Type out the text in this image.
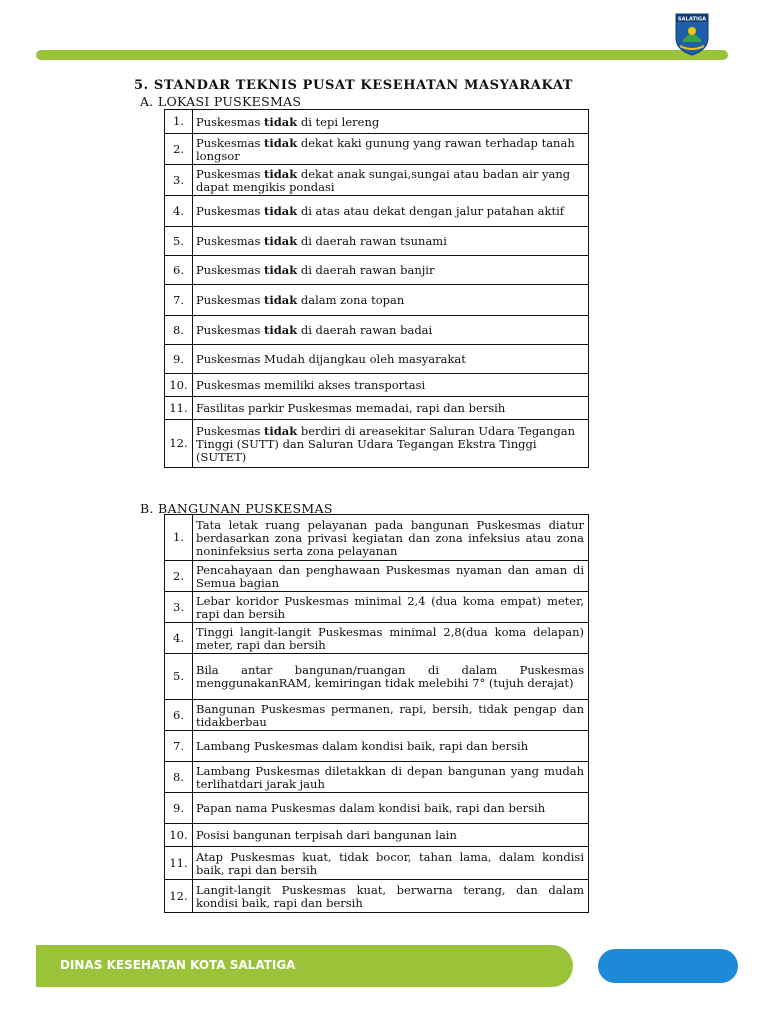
SALATIGA
5. STANDAR TEKNIS PUSAT KESEHATAN MASYARAKAT
A. LOKASI PUSKESMAS
1.	Puskesmas tidak di tepi lereng
2.	Puskesmas tidak dekat kaki gunung yang rawan terhadap tanah longsor
3.	Puskesmas tidak dekat anak sungai,sungai atau badan air yang dapat mengikis pondasi
4.	Puskesmas tidak di atas atau dekat dengan jalur patahan aktif
5.	Puskesmas tidak di daerah rawan tsunami
6.	Puskesmas tidak di daerah rawan banjir
7.	Puskesmas tidak dalam zona topan
8.	Puskesmas tidak di daerah rawan badai
9.	Puskesmas Mudah dijangkau oleh masyarakat
10.	Puskesmas memiliki akses transportasi
11.	Fasilitas parkir Puskesmas memadai, rapi dan bersih
12.	Puskesmas tidak berdiri di areasekitar Saluran Udara Tegangan Tinggi (SUTT) dan Saluran Udara Tegangan Ekstra Tinggi (SUTET)
B. BANGUNAN PUSKESMAS
1.	Tata letak ruang pelayanan pada bangunan Puskesmas diatur berdasarkan zona privasi kegiatan dan zona infeksius atau zona noninfeksius serta zona pelayanan
2.	Pencahayaan dan penghawaan Puskesmas nyaman dan aman di Semua bagian
3.	Lebar koridor Puskesmas minimal 2,4 (dua koma empat) meter, rapi dan bersih
4.	Tinggi langit-langit Puskesmas minimal 2,8(dua koma delapan) meter, rapi dan bersih
5.	Bila antar bangunan/ruangan di dalam Puskesmas menggunakanRAM, kemiringan tidak melebihi 7° (tujuh derajat)
6.	Bangunan Puskesmas permanen, rapi, bersih, tidak pengap dan tidakberbau
7.	Lambang Puskesmas dalam kondisi baik, rapi dan bersih
8.	Lambang Puskesmas diletakkan di depan bangunan yang mudah terlihatdari jarak jauh
9.	Papan nama Puskesmas dalam kondisi baik, rapi dan bersih
10.	Posisi bangunan terpisah dari bangunan lain
11.	Atap Puskesmas kuat, tidak bocor, tahan lama, dalam kondisi baik, rapi dan bersih
12.	Langit-langit Puskesmas kuat, berwarna terang, dan dalam kondisi baik, rapi dan bersih
DINAS KESEHATAN KOTA SALATIGA
